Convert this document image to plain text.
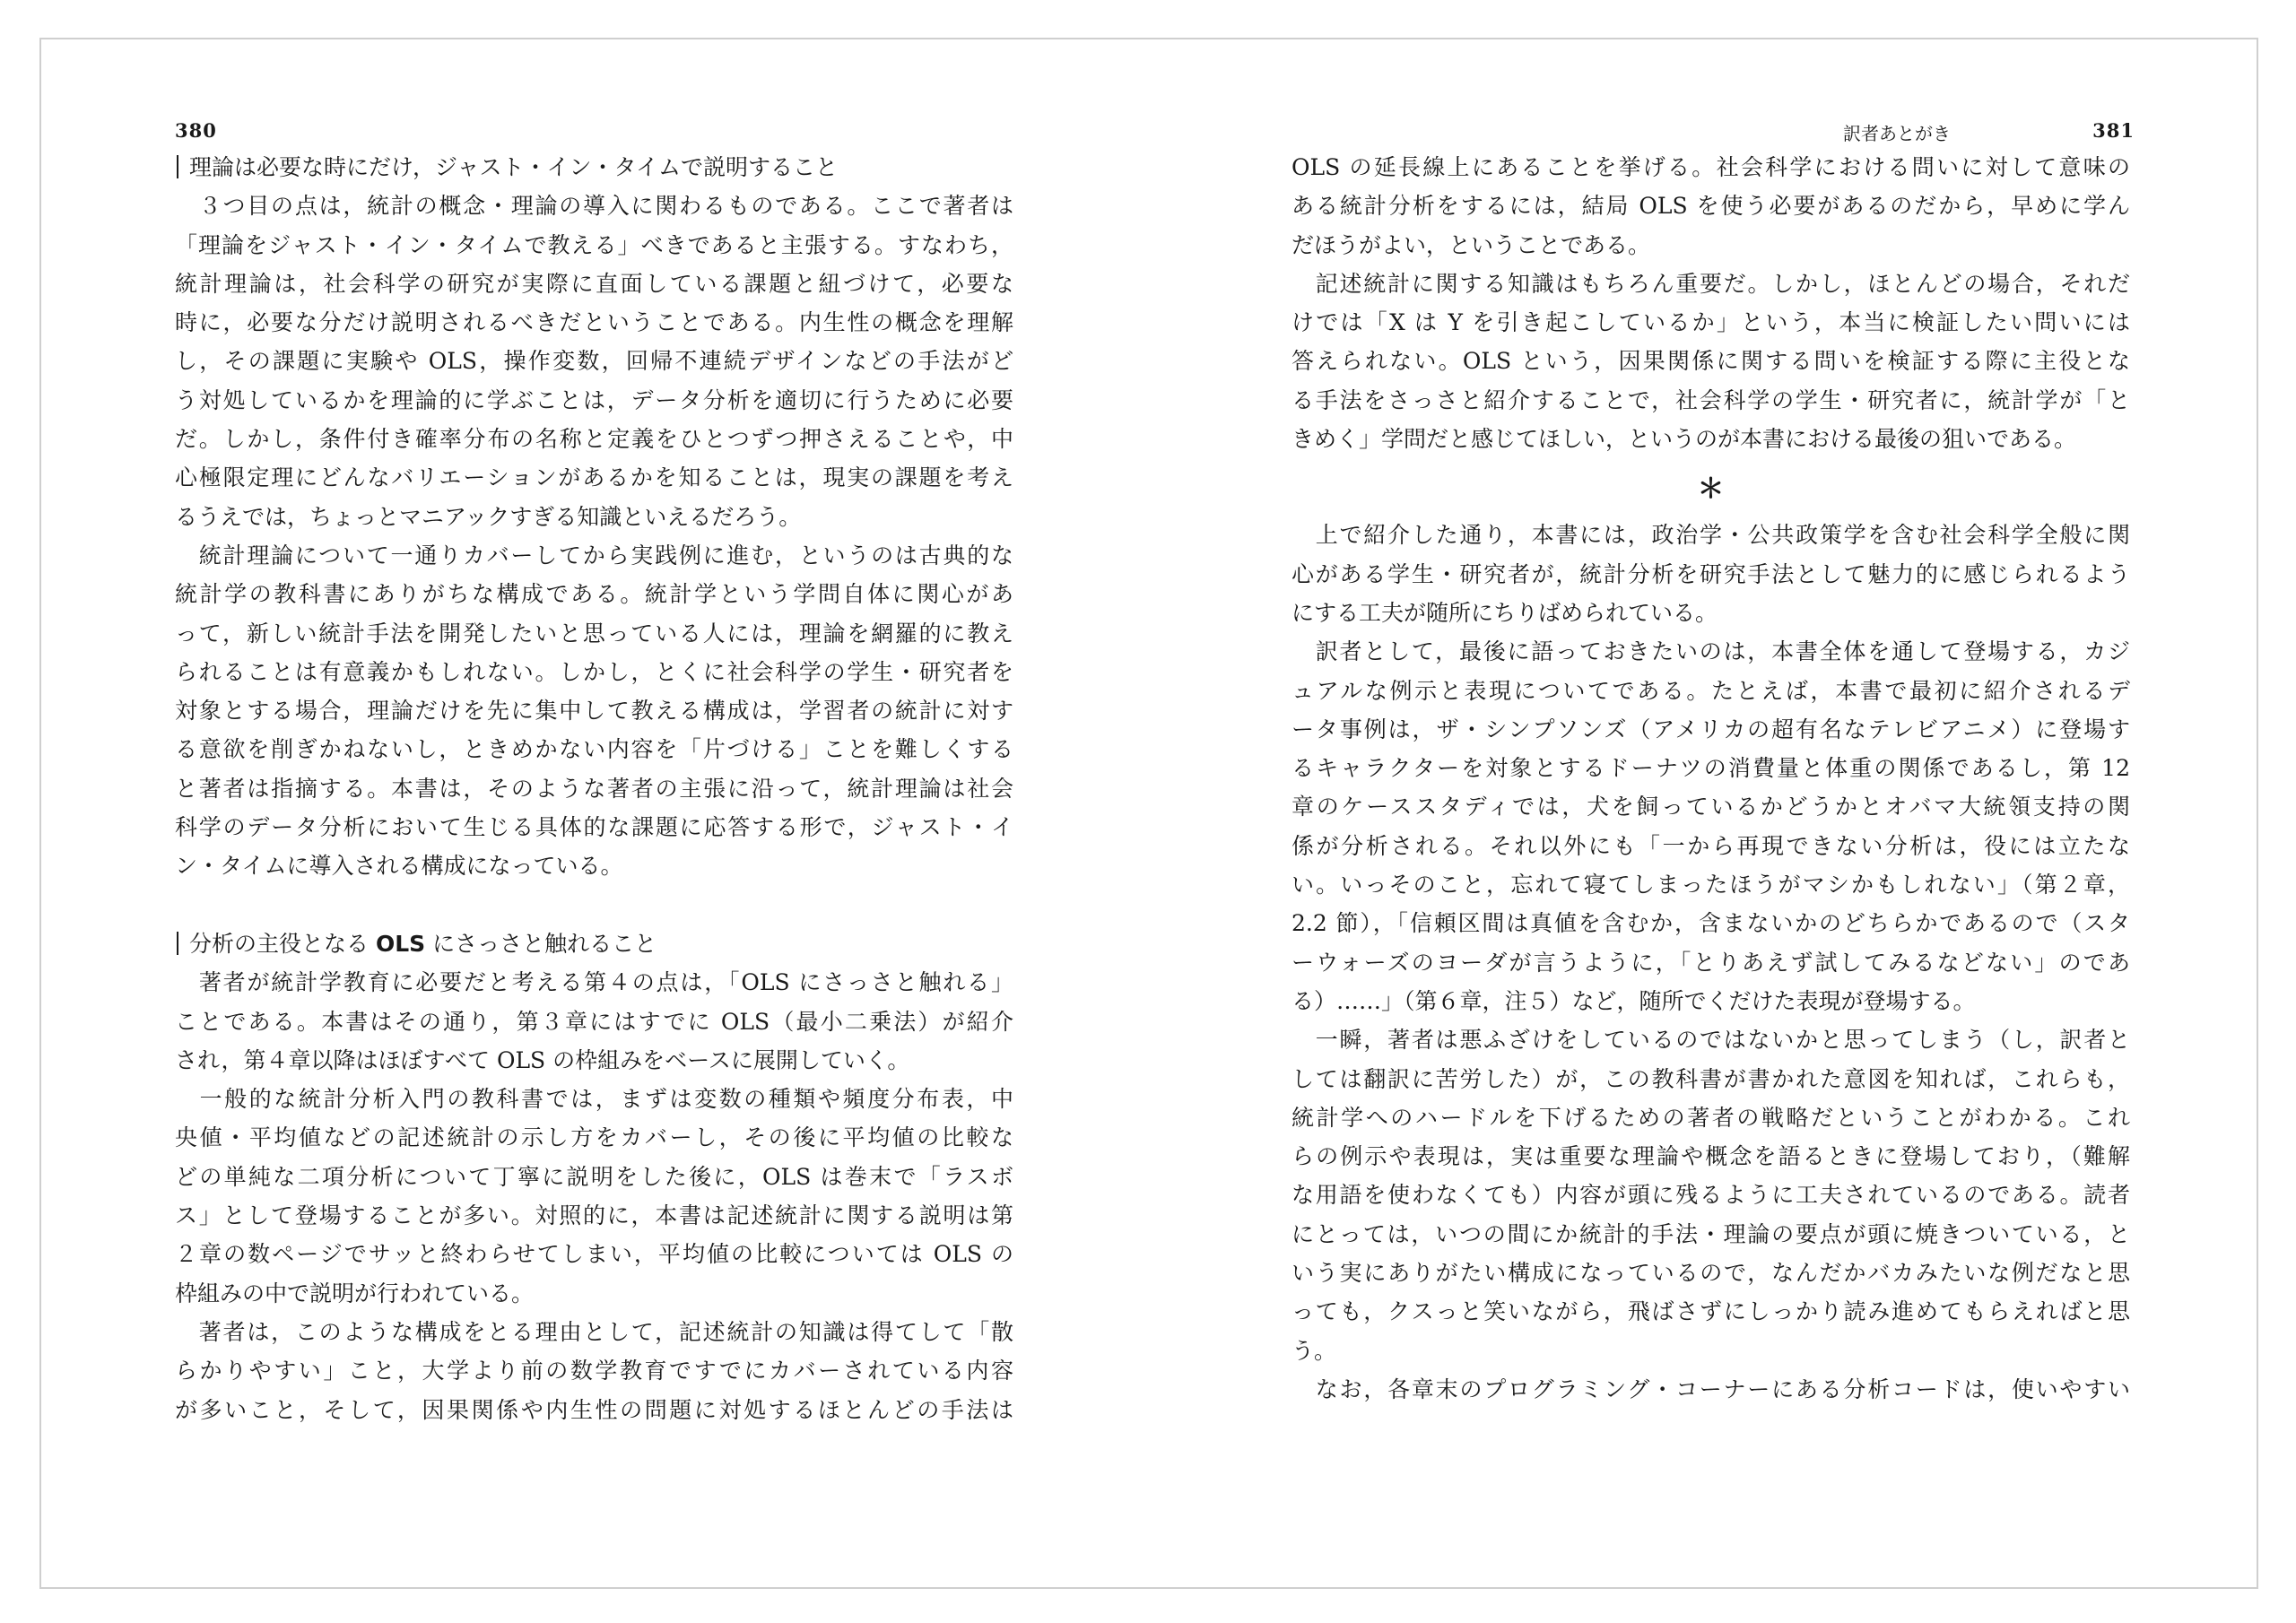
380
理論は必要な時にだけ，ジャスト・イン・タイムで説明すること
　３つ目の点は，統計の概念・理論の導入に関わるものである。ここで著者は
「理論をジャスト・イン・タイムで教える」べきであると主張する。すなわち，
統計理論は，社会科学の研究が実際に直面している課題と紐づけて，必要な
時に，必要な分だけ説明されるべきだということである。内生性の概念を理解
し，その課題に実験や OLS，操作変数，回帰不連続デザインなどの手法がど
う対処しているかを理論的に学ぶことは，データ分析を適切に行うために必要
だ。しかし，条件付き確率分布の名称と定義をひとつずつ押さえることや，中
心極限定理にどんなバリエーションがあるかを知ることは，現実の課題を考え
るうえでは，ちょっとマニアックすぎる知識といえるだろう。
　統計理論について一通りカバーしてから実践例に進む，というのは古典的な
統計学の教科書にありがちな構成である。統計学という学問自体に関心があ
って，新しい統計手法を開発したいと思っている人には，理論を網羅的に教え
られることは有意義かもしれない。しかし，とくに社会科学の学生・研究者を
対象とする場合，理論だけを先に集中して教える構成は，学習者の統計に対す
る意欲を削ぎかねないし，ときめかない内容を「片づける」ことを難しくする
と著者は指摘する。本書は，そのような著者の主張に沿って，統計理論は社会
科学のデータ分析において生じる具体的な課題に応答する形で，ジャスト・イ
ン・タイムに導入される構成になっている。
分析の主役となる OLS にさっさと触れること
　著者が統計学教育に必要だと考える第４の点は，「OLS にさっさと触れる」
ことである。本書はその通り，第３章にはすでに OLS（最小二乗法）が紹介
され，第４章以降はほぼすべて OLS の枠組みをベースに展開していく。
　一般的な統計分析入門の教科書では，まずは変数の種類や頻度分布表，中
央値・平均値などの記述統計の示し方をカバーし，その後に平均値の比較な
どの単純な二項分析について丁寧に説明をした後に，OLS は巻末で「ラスボ
ス」として登場することが多い。対照的に，本書は記述統計に関する説明は第
２章の数ページでサッと終わらせてしまい，平均値の比較については OLS の
枠組みの中で説明が行われている。
　著者は，このような構成をとる理由として，記述統計の知識は得てして「散
らかりやすい」こと，大学より前の数学教育ですでにカバーされている内容
が多いこと，そして，因果関係や内生性の問題に対処するほとんどの手法は
訳者あとがき	381
OLS の延長線上にあることを挙げる。社会科学における問いに対して意味の
ある統計分析をするには，結局 OLS を使う必要があるのだから，早めに学ん
だほうがよい，ということである。
　記述統計に関する知識はもちろん重要だ。しかし，ほとんどの場合，それだ
けでは「X は Y を引き起こしているか」という，本当に検証したい問いには
答えられない。OLS という，因果関係に関する問いを検証する際に主役とな
る手法をさっさと紹介することで，社会科学の学生・研究者に，統計学が「と
きめく」学問だと感じてほしい，というのが本書における最後の狙いである。
＊
　上で紹介した通り，本書には，政治学・公共政策学を含む社会科学全般に関
心がある学生・研究者が，統計分析を研究手法として魅力的に感じられるよう
にする工夫が随所にちりばめられている。
　訳者として，最後に語っておきたいのは，本書全体を通して登場する，カジ
ュアルな例示と表現についてである。たとえば，本書で最初に紹介されるデ
ータ事例は，ザ・シンプソンズ（アメリカの超有名なテレビアニメ）に登場す
るキャラクターを対象とするドーナツの消費量と体重の関係であるし，第 12
章のケーススタディでは，犬を飼っているかどうかとオバマ大統領支持の関
係が分析される。それ以外にも「一から再現できない分析は，役には立たな
い。いっそのこと，忘れて寝てしまったほうがマシかもしれない」（第２章，
2.2 節），「信頼区間は真値を含むか，含まないかのどちらかであるので（スタ
ーウォーズのヨーダが言うように，「とりあえず試してみるなどない」のであ
る）……」（第６章，注５）など，随所でくだけた表現が登場する。
　一瞬，著者は悪ふざけをしているのではないかと思ってしまう（し，訳者と
しては翻訳に苦労した）が，この教科書が書かれた意図を知れば，これらも，
統計学へのハードルを下げるための著者の戦略だということがわかる。これ
らの例示や表現は，実は重要な理論や概念を語るときに登場しており，（難解
な用語を使わなくても）内容が頭に残るように工夫されているのである。読者
にとっては，いつの間にか統計的手法・理論の要点が頭に焼きついている，と
いう実にありがたい構成になっているので，なんだかバカみたいな例だなと思
っても，クスっと笑いながら，飛ばさずにしっかり読み進めてもらえればと思
う。
　なお，各章末のプログラミング・コーナーにある分析コードは，使いやすい
